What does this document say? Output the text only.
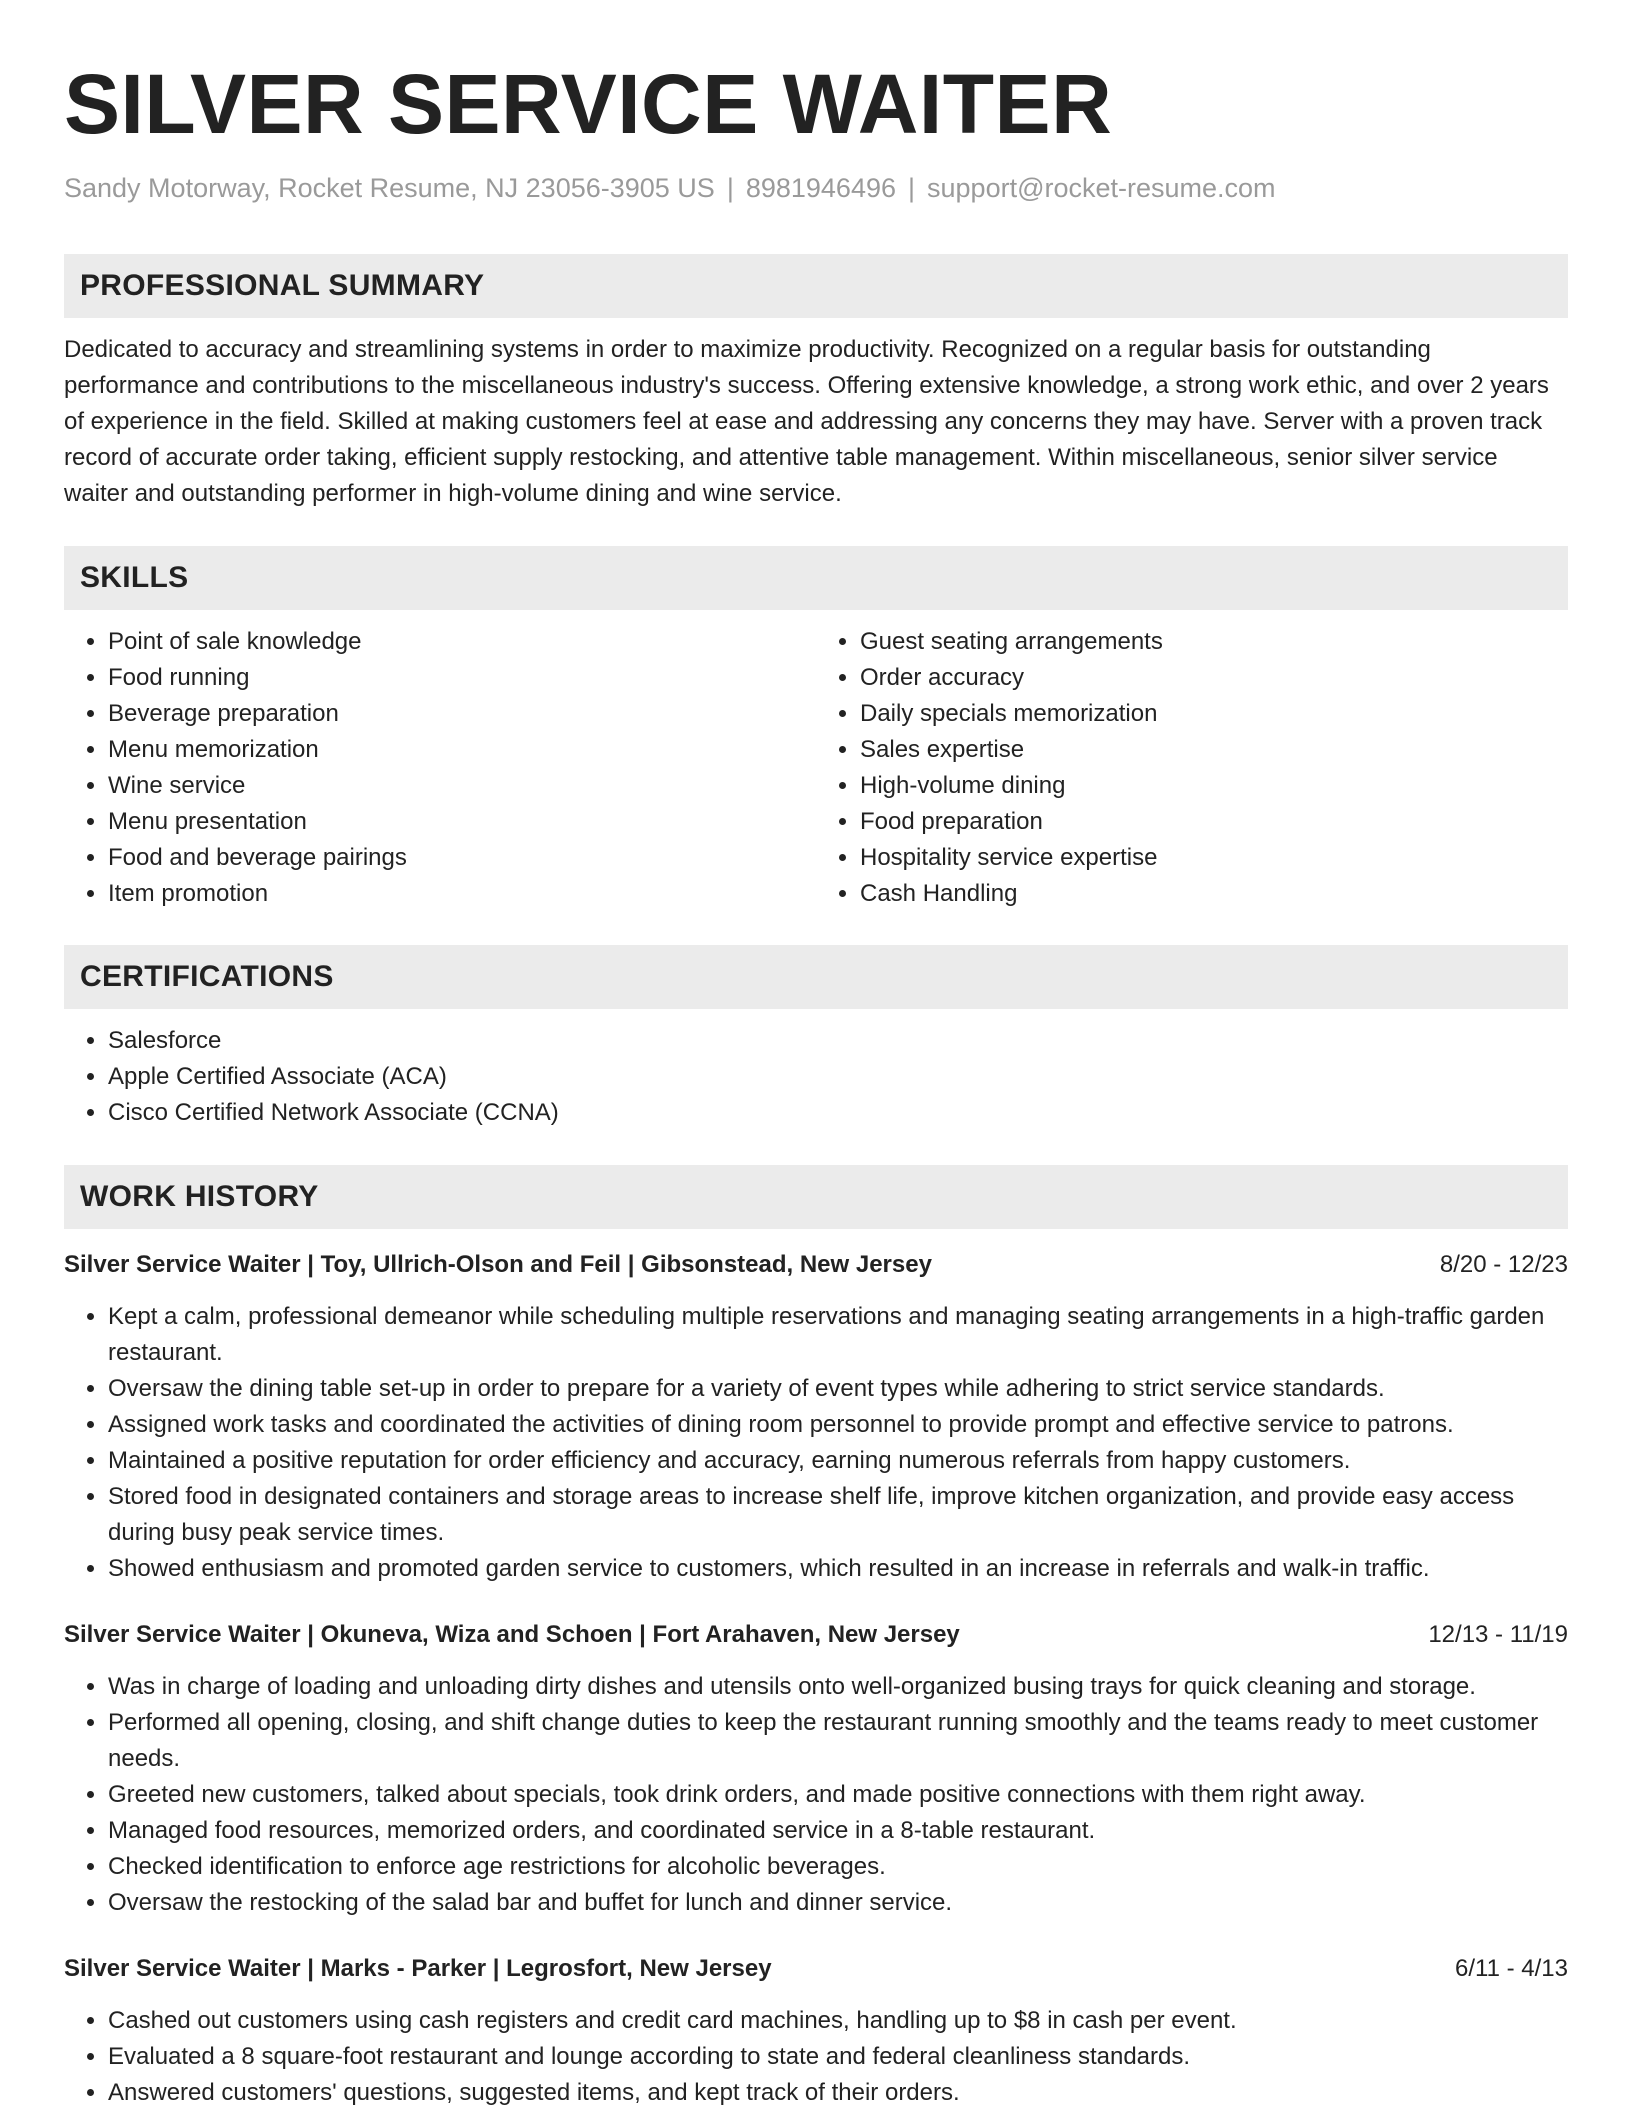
SILVER SERVICE WAITER
Sandy Motorway, Rocket Resume, NJ 23056-3905 US | 8981946496 | support@rocket-resume.com
PROFESSIONAL SUMMARY

Dedicated to accuracy and streamlining systems in order to maximize productivity. Recognized on a regular basis for outstanding performance and contributions to the miscellaneous industry's success. Offering extensive knowledge, a strong work ethic, and over 2 years of experience in the field. Skilled at making customers feel at ease and addressing any concerns they may have. Server with a proven track record of accurate order taking, efficient supply restocking, and attentive table management. Within miscellaneous, senior silver service waiter and outstanding performer in high-volume dining and wine service.

SKILLS
• Point of sale knowledge
• Food running
• Beverage preparation
• Menu memorization
• Wine service
• Menu presentation
• Food and beverage pairings
• Item promotion
• Guest seating arrangements
• Order accuracy
• Daily specials memorization
• Sales expertise
• High-volume dining
• Food preparation
• Hospitality service expertise
• Cash Handling
CERTIFICATIONS
• Salesforce
• Apple Certified Associate (ACA)
• Cisco Certified Network Associate (CCNA)
WORK HISTORY
Silver Service Waiter | Toy, Ullrich-Olson and Feil | Gibsonstead, New Jersey	8/20 - 12/23
• Kept a calm, professional demeanor while scheduling multiple reservations and managing seating arrangements in a high-traffic garden restaurant.
• Oversaw the dining table set-up in order to prepare for a variety of event types while adhering to strict service standards.
• Assigned work tasks and coordinated the activities of dining room personnel to provide prompt and effective service to patrons.
• Maintained a positive reputation for order efficiency and accuracy, earning numerous referrals from happy customers.
• Stored food in designated containers and storage areas to increase shelf life, improve kitchen organization, and provide easy access during busy peak service times.
• Showed enthusiasm and promoted garden service to customers, which resulted in an increase in referrals and walk-in traffic.
Silver Service Waiter | Okuneva, Wiza and Schoen | Fort Arahaven, New Jersey	12/13 - 11/19
• Was in charge of loading and unloading dirty dishes and utensils onto well-organized busing trays for quick cleaning and storage.
• Performed all opening, closing, and shift change duties to keep the restaurant running smoothly and the teams ready to meet customer needs.
• Greeted new customers, talked about specials, took drink orders, and made positive connections with them right away.
• Managed food resources, memorized orders, and coordinated service in a 8-table restaurant.
• Checked identification to enforce age restrictions for alcoholic beverages.
• Oversaw the restocking of the salad bar and buffet for lunch and dinner service.
Silver Service Waiter | Marks - Parker | Legrosfort, New Jersey	6/11 - 4/13
• Cashed out customers using cash registers and credit card machines, handling up to $8 in cash per event.
• Evaluated a 8 square-foot restaurant and lounge according to state and federal cleanliness standards.
• Answered customers' questions, suggested items, and kept track of their orders.
